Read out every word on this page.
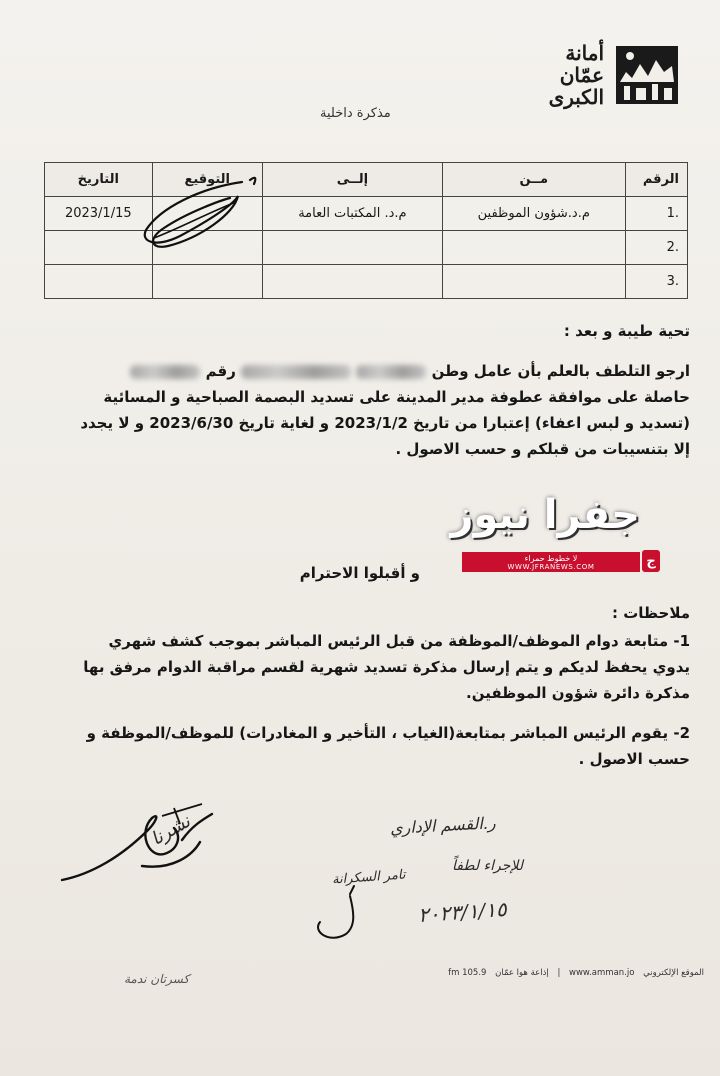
أمانة
عمّان
الكبرى
مذكرة داخلية
الرقم	مــن	إلــى	التوقيع	التاريخ
.1	م.د.شؤون الموظفين	م.د. المكتبات العامة		2023/1/15
.2				
.3				
تحية طيبة و بعد :

ارجو التلطف بالعلم بأن عامل وطن   رقم

حاصلة على موافقة عطوفة مدير المدينة على تسديد البصمة الصباحية و المسائية

(تسديد و لبس اعفاء) إعتبارا من تاريخ 2023/1/2 و لغاية تاريخ 2023/6/30 و لا يجدد

إلا بتنسيبات من قبلكم و حسب الاصول .

جفرا نيوز
لا خطوط حمراء
WWW.JFRANEWS.COM	ج
و أقبلوا الاحترام

ملاحظات :

1- متابعة دوام الموظف/الموظفة من قبل الرئيس المباشر بموجب كشف شهري
يدوي يحفظ لديكم و يتم إرسال مذكرة تسديد شهرية لقسم مراقبة الدوام مرفق بها
مذكرة دائرة شؤون الموظفين.
2- يقوم الرئيس المباشر بمتابعة(الغياب ، التأخير و المغادرات) للموظف/الموظفة و
حسب الاصول .
ر.القسم الإداري
للإجراء لطفاً
تامر السكرانة
٢٠٢٣/١/١٥
نشرنا
كسرتان ندمة	الموقع الإلكتروني www.amman.jo | إذاعة هوا عمّان 105.9 fm
